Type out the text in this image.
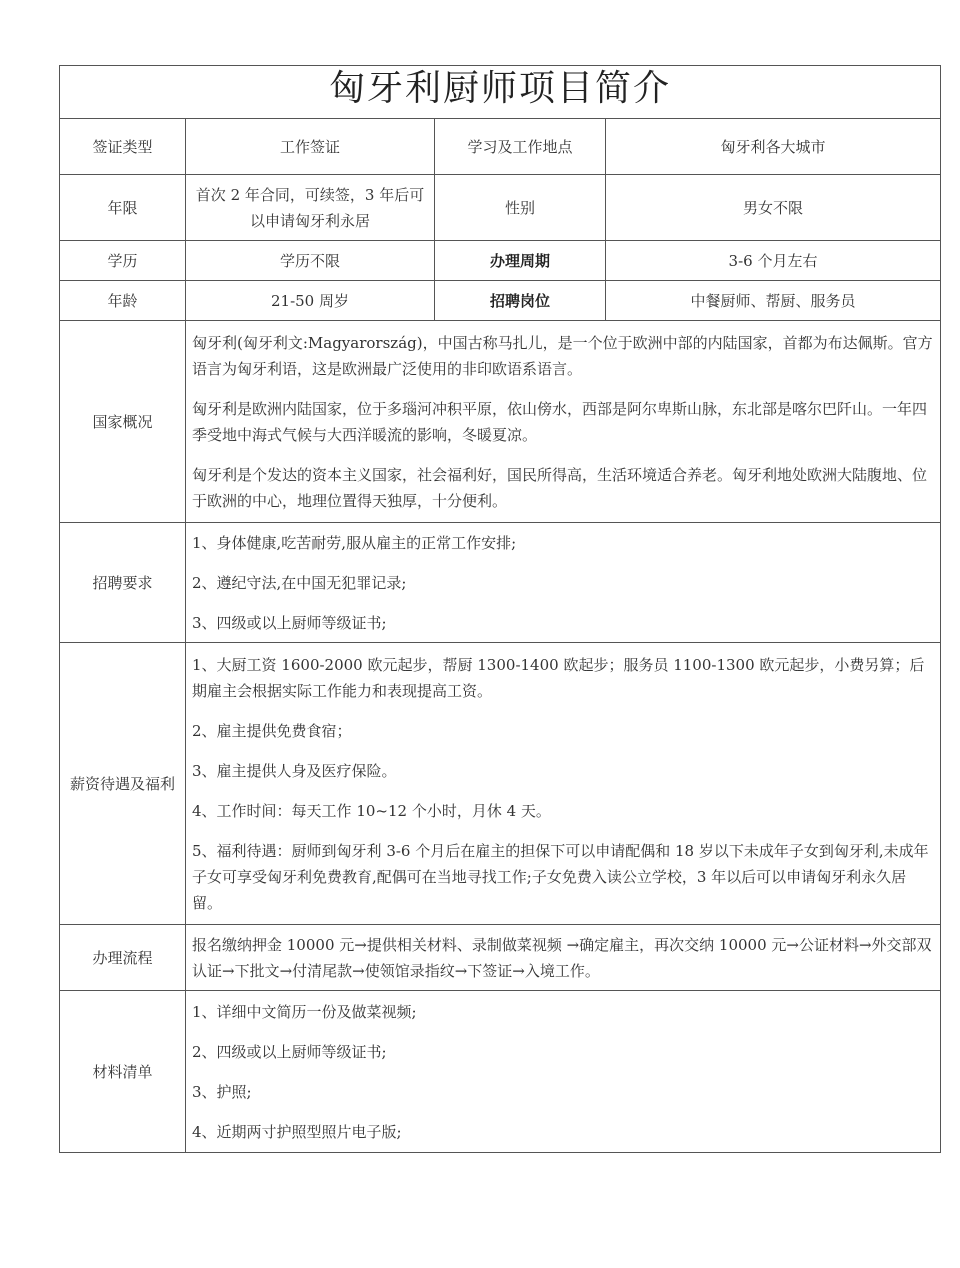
匈牙利厨师项目简介			
签证类型	工作签证	学习及工作地点	匈牙利各大城市
年限	首次 2 年合同，可续签，3 年后可以申请匈牙利永居	性别	男女不限
学历	学历不限	办理周期	3-6 个月左右
年龄	21-50 周岁	招聘岗位	中餐厨师、帮厨、服务员
国家概况	匈牙利(匈牙利文:Magyarország)，中国古称马扎儿，是一个位于欧洲中部的内陆国家，首都为布达佩斯。官方语言为匈牙利语，这是欧洲最广泛使用的非印欧语系语言。

匈牙利是欧洲内陆国家，位于多瑙河冲积平原，依山傍水，西部是阿尔卑斯山脉，东北部是喀尔巴阡山。一年四季受地中海式气候与大西洋暖流的影响，冬暖夏凉。

匈牙利是个发达的资本主义国家，社会福利好，国民所得高，生活环境适合养老。匈牙利地处欧洲大陆腹地、位于欧洲的中心，地理位置得天独厚，十分便利。		

招聘要求	1、身体健康,吃苦耐劳,服从雇主的正常工作安排;

2、遵纪守法,在中国无犯罪记录;

3、四级或以上厨师等级证书;		

薪资待遇及福利	1、大厨工资 1600-2000 欧元起步，帮厨 1300-1400 欧起步；服务员 1100-1300 欧元起步，小费另算；后期雇主会根据实际工作能力和表现提高工资。

2、雇主提供免费食宿；

3、雇主提供人身及医疗保险。

4、工作时间：每天工作 10~12 个小时，月休 4 天。

5、福利待遇：厨师到匈牙利 3-6 个月后在雇主的担保下可以申请配偶和 18 岁以下未成年子女到匈牙利,未成年子女可享受匈牙利免费教育,配偶可在当地寻找工作;子女免费入读公立学校，3 年以后可以申请匈牙利永久居留。		

办理流程	报名缴纳押金 10000 元→提供相关材料、录制做菜视频 →确定雇主，再次交纳 10000 元→公证材料→外交部双认证→下批文→付清尾款→使领馆录指纹→下签证→入境工作。		
材料清单	1、详细中文简历一份及做菜视频;

2、四级或以上厨师等级证书;

3、护照;

4、近期两寸护照型照片电子版;		
